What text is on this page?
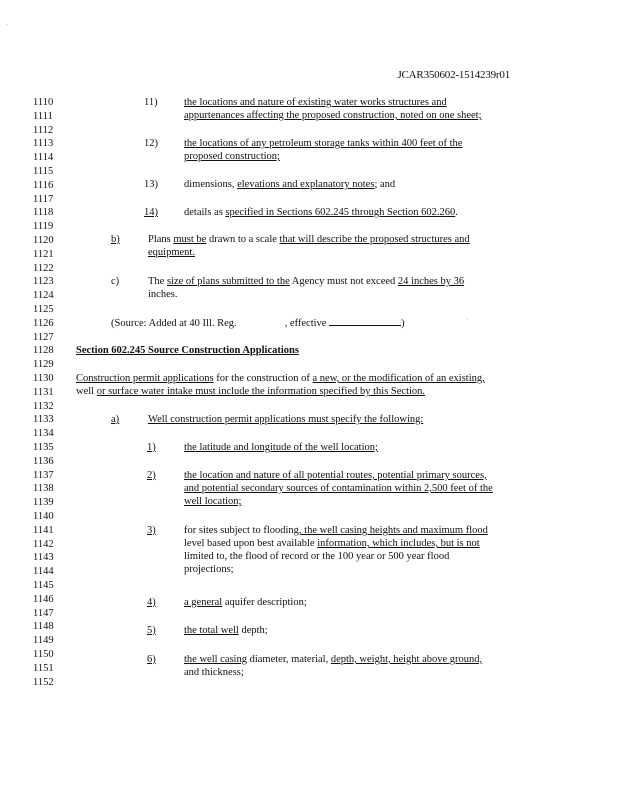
.
'
JCAR350602-1514239r01
1110
1111
1112
1113
1114
1115
1116
1117
1118
1119
1120
1121
1122
1123
1124
1125
1126
1127
1128
1129
1130
1131
1132
1133
1134
1135
1136
1137
1138
1139
1140
1141
1142
1143
1144
1145
1146
1147
1148
1149
1150
1151
1152
11)	the locations and nature of existing water works structures and
appurtenances affecting the proposed construction, noted on one sheet;
12) the locations of any petroleum storage tanks within 400 feet of the
proposed construction;
13) dimensions, elevations and explanatory notes; and
14) details as specified in Sections 602.245 through Section 602.260.
b)	Plans must be drawn to a scale that will describe the proposed structures and
equipment.
c)	The size of plans submitted to the Agency must not exceed 24 inches by 36
inches.
(Source: Added at 40 Ill. Reg.	, effective	)
Section 602.245 Source Construction Applications
Construction permit applications for the construction of a new, or the modification of an existing,
well or surface water intake must include the information specified by this Section.
a)	Well construction permit applications must specify the following:
1)	the latitude and longitude of the well location;
2)	the location and nature of all potential routes, potential primary sources,
and potential secondary sources of contamination within 2,500 feet of the
well location;
3)	for sites subject to flooding, the well casing heights and maximum flood
level based upon best available information, which includes, but is not
limited to, the flood of record or the 100 year or 500 year flood
projections;
4)	a general aquifer description;
5)	the total well depth;
6)	the well casing diameter, material, depth, weight, height above ground,
and thickness;
